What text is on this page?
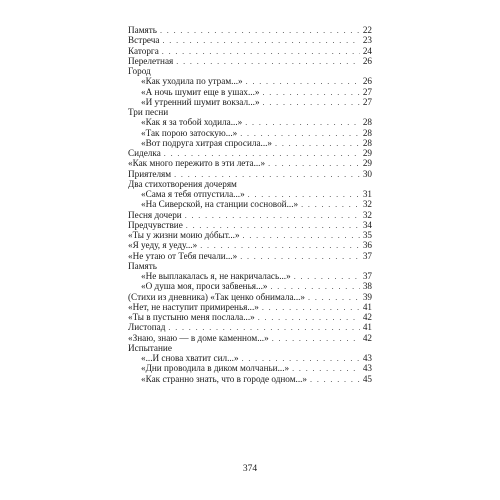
Память . . .	22
Встреча . . .	23
Каторга . . .	24
Перелетная . . .	26
Город
«Как уходила по утрам...» . . .	26
«А ночь шумит еще в ушах...» . . .	27
«И утренний шумит вокзал...» . . .	27
Три песни
«Как я за тобой ходила...» . . .	28
«Так порою затоскую...» . . .	28
«Вот подруга хитрая спросила...» . . .	28
Сиделка . . .	29
«Как много пережито в эти лета...» . . .	29
Приятелям . . .	30
Два стихотворения дочерям
«Сама я тебя отпустила...» . . .	31
«На Сиверской, на станции сосновой...» . . .	32
Песня дочери . . .	32
Предчувствие . . .	34
«Ты у жизни моию дóбыт...» . . .	35
«Я уеду, я уеду...» . . .	36
«Не утаю от Тебя печали...» . . .	37
Память
«Не выплакалась я, не накричалась...» . . .	37
«О душа моя, проси забвенья...» . . .	38
(Стихи из дневника) «Так ценко обнимала...» . . .	39
«Нет, не наступит примиренья...» . . .	41
«Ты в пустыню меня послала...» . . .	42
Листопад . . .	41
«Знаю, знаю — в доме каменном...» . . .	42
Испытание
«...И снова хватит сил...» . . .	43
«Дни проводила в диком молчаньи...» . . .	43
«Как странно знать, что в городе одном...» . . .	45
374
